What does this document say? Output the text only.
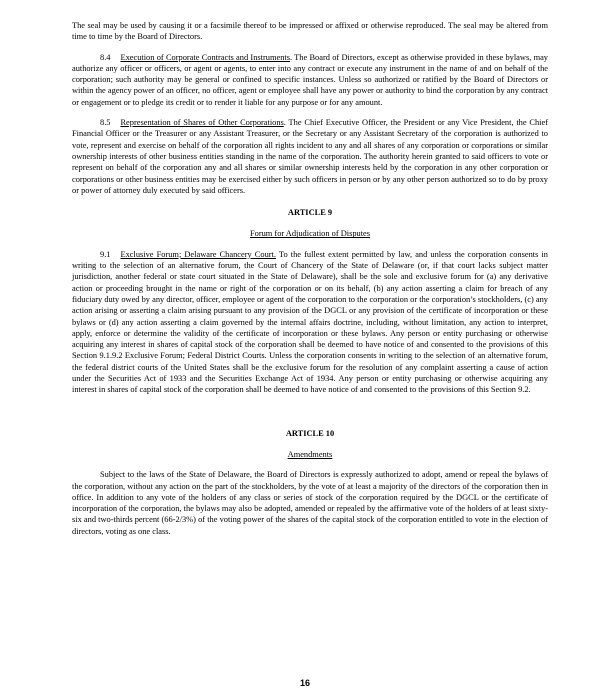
The seal may be used by causing it or a facsimile thereof to be impressed or affixed or otherwise reproduced. The seal may be altered from time to time by the Board of Directors.

8.4 Execution of Corporate Contracts and Instruments. The Board of Directors, except as otherwise provided in these bylaws, may authorize any officer or officers, or agent or agents, to enter into any contract or execute any instrument in the name of and on behalf of the corporation; such authority may be general or confined to specific instances. Unless so authorized or ratified by the Board of Directors or within the agency power of an officer, no officer, agent or employee shall have any power or authority to bind the corporation by any contract or engagement or to pledge its credit or to render it liable for any purpose or for any amount.

8.5 Representation of Shares of Other Corporations. The Chief Executive Officer, the President or any Vice President, the Chief Financial Officer or the Treasurer or any Assistant Treasurer, or the Secretary or any Assistant Secretary of the corporation is authorized to vote, represent and exercise on behalf of the corporation all rights incident to any and all shares of any corporation or corporations or similar ownership interests of other business entities standing in the name of the corporation. The authority herein granted to said officers to vote or represent on behalf of the corporation any and all shares or similar ownership interests held by the corporation in any other corporation or corporations or other business entities may be exercised either by such officers in person or by any other person authorized so to do by proxy or power of attorney duly executed by said officers.

ARTICLE 9
Forum for Adjudication of Disputes

9.1 Exclusive Forum; Delaware Chancery Court. To the fullest extent permitted by law, and unless the corporation consents in writing to the selection of an alternative forum, the Court of Chancery of the State of Delaware (or, if that court lacks subject matter jurisdiction, another federal or state court situated in the State of Delaware), shall be the sole and exclusive forum for (a) any derivative action or proceeding brought in the name or right of the corporation or on its behalf, (b) any action asserting a claim for breach of any fiduciary duty owed by any director, officer, employee or agent of the corporation to the corporation or the corporation’s stockholders, (c) any action arising or asserting a claim arising pursuant to any provision of the DGCL or any provision of the certificate of incorporation or these bylaws or (d) any action asserting a claim governed by the internal affairs doctrine, including, without limitation, any action to interpret, apply, enforce or determine the validity of the certificate of incorporation or these bylaws. Any person or entity purchasing or otherwise acquiring any interest in shares of capital stock of the corporation shall be deemed to have notice of and consented to the provisions of this Section 9.1.9.2 Exclusive Forum; Federal District Courts. Unless the corporation consents in writing to the selection of an alternative forum, the federal district courts of the United States shall be the exclusive forum for the resolution of any complaint asserting a cause of action under the Securities Act of 1933 and the Securities Exchange Act of 1934. Any person or entity purchasing or otherwise acquiring any interest in shares of capital stock of the corporation shall be deemed to have notice of and consented to the provisions of this Section 9.2.

ARTICLE 10
Amendments

Subject to the laws of the State of Delaware, the Board of Directors is expressly authorized to adopt, amend or repeal the bylaws of the corporation, without any action on the part of the stockholders, by the vote of at least a majority of the directors of the corporation then in office. In addition to any vote of the holders of any class or series of stock of the corporation required by the DGCL or the certificate of incorporation of the corporation, the bylaws may also be adopted, amended or repealed by the affirmative vote of the holders of at least sixty-six and two-thirds percent (66-2/3%) of the voting power of the shares of the capital stock of the corporation entitled to vote in the election of directors, voting as one class.

16
